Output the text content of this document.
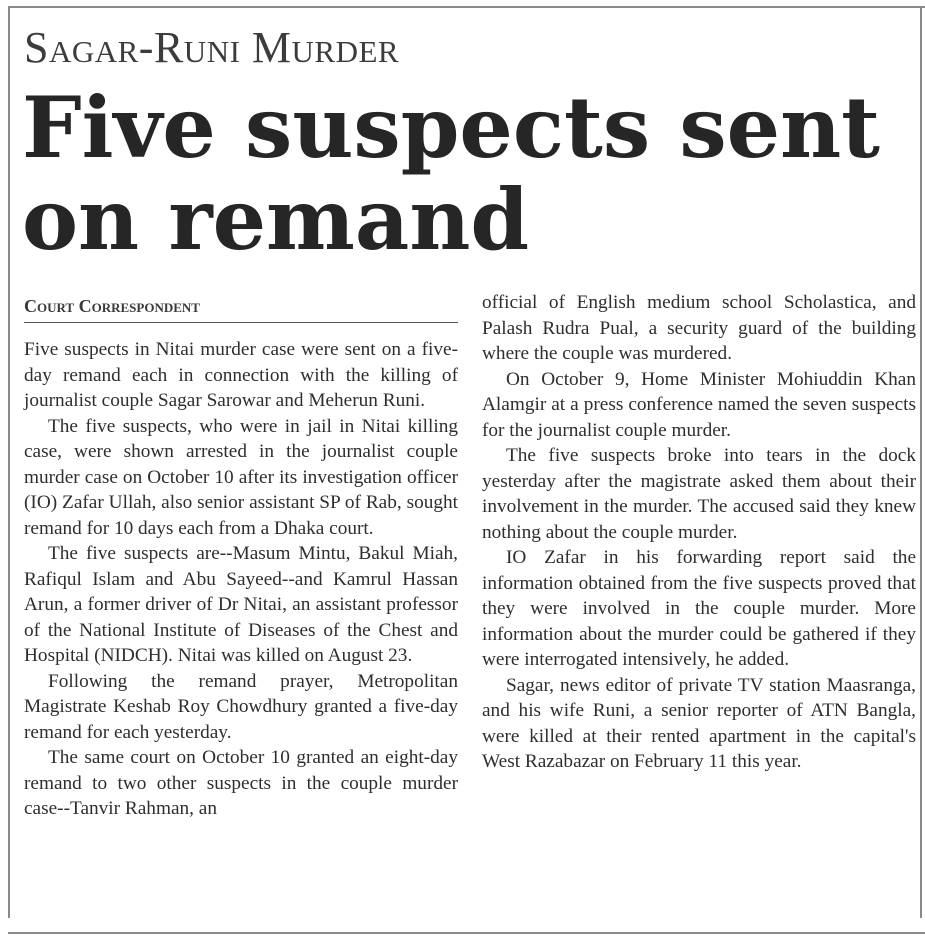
Sagar-Runi Murder
Five suspects sent on remand
Court Correspondent

Five suspects in Nitai murder case were sent on a five-day remand each in connection with the killing of journalist couple Sagar Sarowar and Meherun Runi.

The five suspects, who were in jail in Nitai killing case, were shown arrested in the journalist couple murder case on October 10 after its investigation officer (IO) Zafar Ullah, also senior assistant SP of Rab, sought remand for 10 days each from a Dhaka court.

The five suspects are--Masum Mintu, Bakul Miah, Rafiqul Islam and Abu Sayeed--and Kamrul Hassan Arun, a former driver of Dr Nitai, an assistant professor of the National Institute of Diseases of the Chest and Hospital (NIDCH). Nitai was killed on August 23.

Following the remand prayer, Metropolitan Magistrate Keshab Roy Chowdhury granted a five-day remand for each yesterday.

The same court on October 10 granted an eight-day remand to two other suspects in the couple murder case--Tanvir Rahman, an

official of English medium school Scholastica, and Palash Rudra Pual, a security guard of the building where the couple was murdered.

On October 9, Home Minister Mohiuddin Khan Alamgir at a press conference named the seven suspects for the journalist couple murder.

The five suspects broke into tears in the dock yesterday after the magistrate asked them about their involvement in the murder. The accused said they knew nothing about the couple murder.

IO Zafar in his forwarding report said the information obtained from the five suspects proved that they were involved in the couple murder. More information about the murder could be gathered if they were interrogated intensively, he added.

Sagar, news editor of private TV station Maasranga, and his wife Runi, a senior reporter of ATN Bangla, were killed at their rented apartment in the capital's West Razabazar on February 11 this year.
